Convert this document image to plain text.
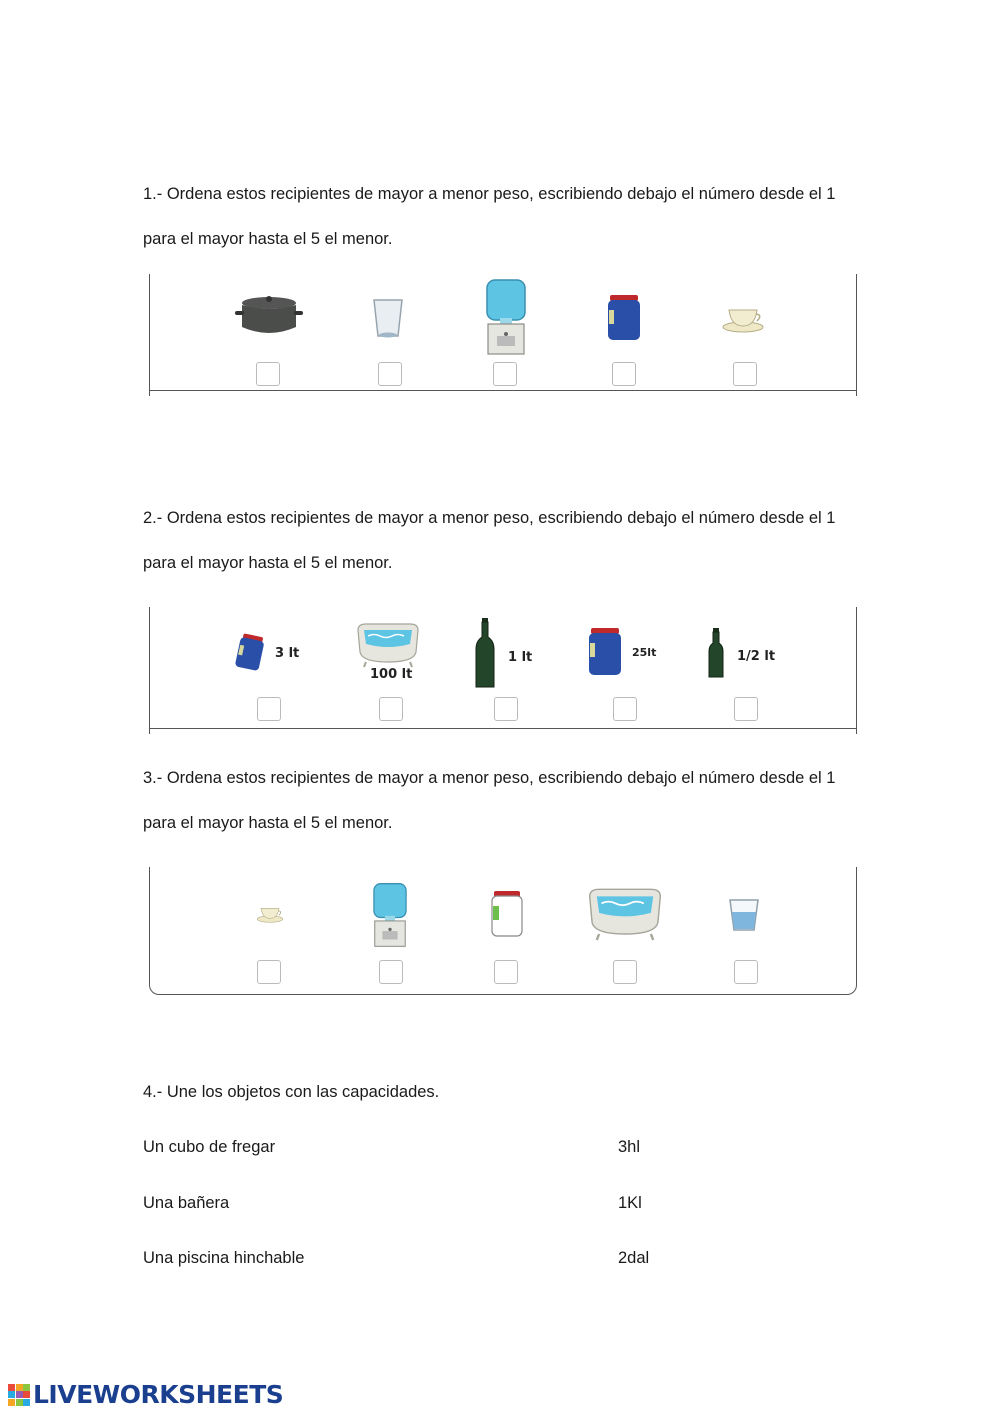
1.- Ordena estos recipientes de mayor a menor peso, escribiendo debajo el número desde el 1
para el mayor hasta el 5 el menor.
2.- Ordena estos recipientes de mayor a menor peso, escribiendo debajo el número desde el 1
para el mayor hasta el 5 el menor.
3 lt
100 lt
1 lt	25lt	1/2 lt
3.- Ordena estos recipientes de mayor a menor peso, escribiendo debajo el número desde el 1
para el mayor hasta el 5 el menor.
4.- Une los objetos con las capacidades.
Un cubo de fregar	3hl
Una bañera	1Kl
Una piscina hinchable	2dal
LIVEWORKSHEETS
